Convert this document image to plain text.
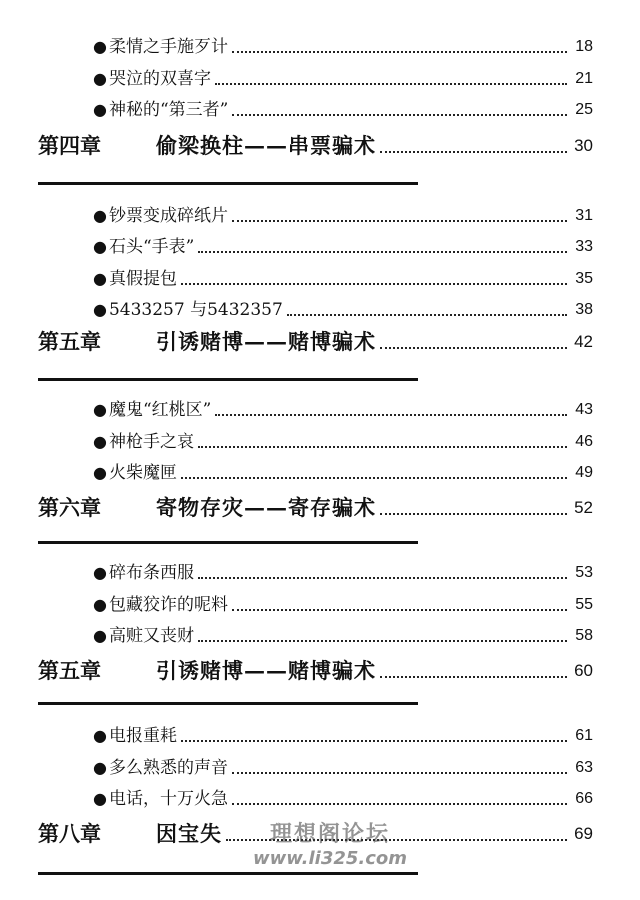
● 柔情之手施歹计	18
● 哭泣的双喜字	21
● 神秘的“第三者”	25
第四章	偷梁换柱——串票骗术	30
● 钞票变成碎纸片	31
● 石头“手表”	33
● 真假提包	35
● 5433257 与5432357	38
第五章	引诱赌博——赌博骗术	42
● 魔鬼“红桃区”	43
● 神枪手之哀	46
● 火柴魔匣	49
第六章	寄物存灾——寄存骗术	52
● 碎布条西服	53
● 包藏狡诈的呢料	55
● 高赃又丧财	58
第五章	引诱赌博——赌博骗术	60
● 电报重耗	61
● 多么熟悉的声音	63
● 电话，十万火急	66
第八章	因宝失	69
理想阁论坛
www.li325.com
